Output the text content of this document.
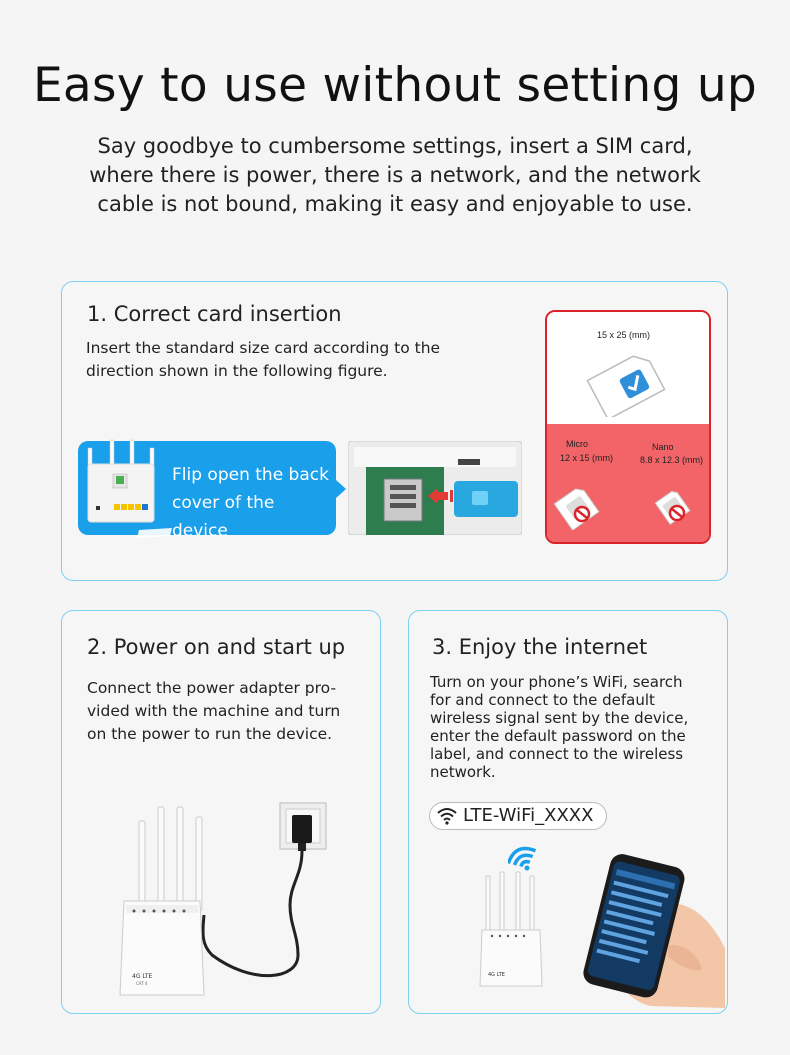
Easy to use without setting up
Say goodbye to cumbersome settings, insert a SIM card,
where there is power, there is a network, and the network
cable is not bound, making it easy and enjoyable to use.
1. Correct card insertion
Insert the standard size card according to the
direction shown in the following figure.
Flip open the back
cover of the device
15 x 25 (mm)
Micro
12 x 15 (mm)
Nano
8.8 x 12.3 (mm)
2. Power on and start up
Connect the power adapter pro-
vided with the machine and turn
on the power to run the device.
4G LTE
CAT 4
3. Enjoy the internet
Turn on your phone’s WiFi, search
for and connect to the default
wireless signal sent by the device,
enter the default password on the
label, and connect to the wireless
network.
LTE-WiFi_XXXX
4G LTE
